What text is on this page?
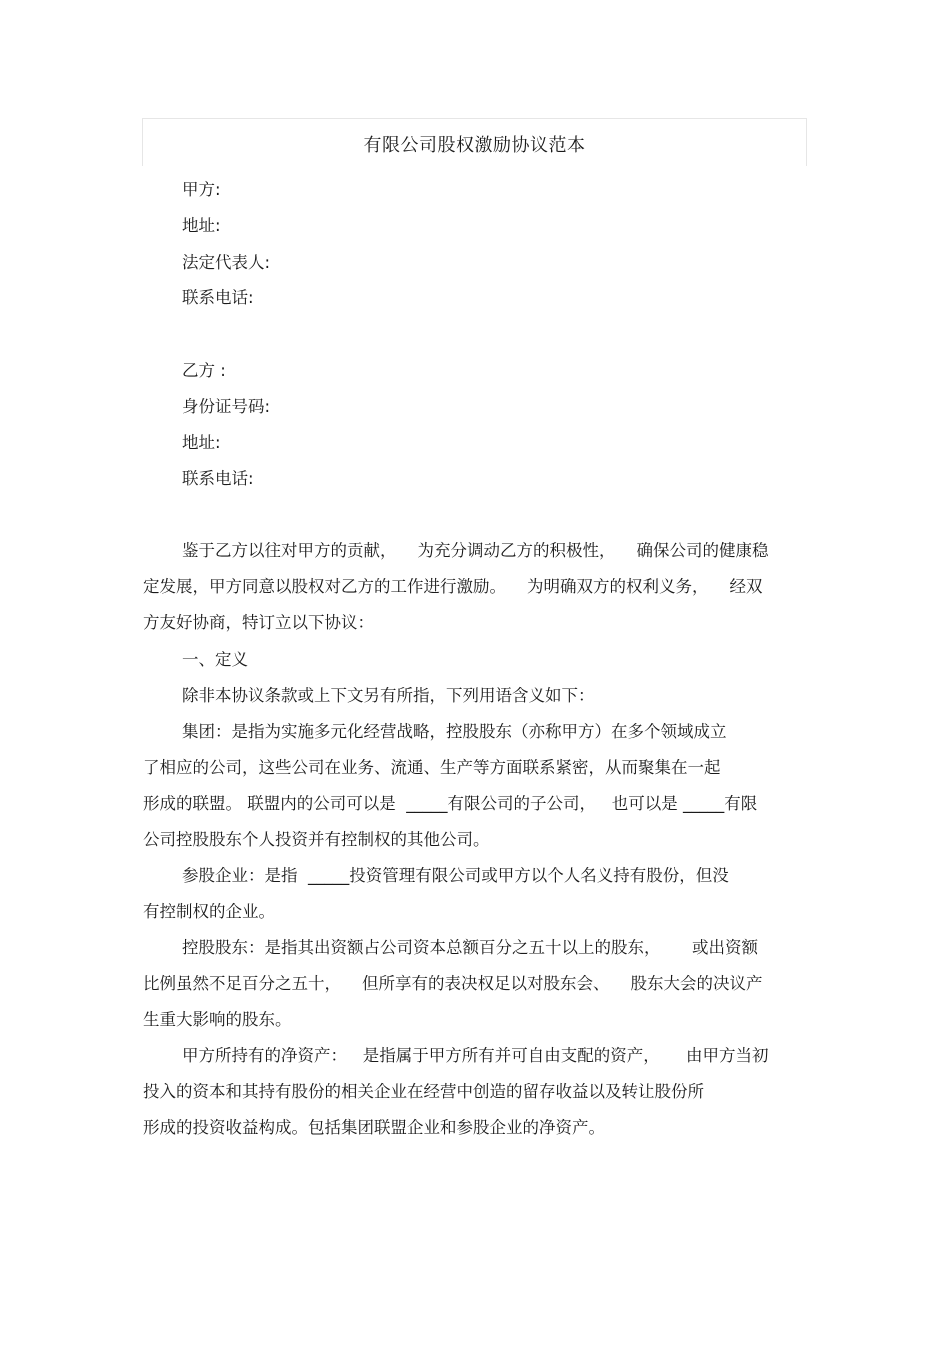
有限公司股权激励协议范本
甲方:
地址:
法定代表人:
联系电话:
乙方 :
身份证号码:
地址:
联系电话:
鉴于乙方以往对甲方的贡献，    为充分调动乙方的积极性，    确保公司的健康稳
定发展，甲方同意以股权对乙方的工作进行激励。    为明确双方的权利义务，    经双
方友好协商，特订立以下协议：
一、定义
除非本协议条款或上下文另有所指，下列用语含义如下：
集团：是指为实施多元化经营战略，控股股东（亦称甲方）在多个领域成立
了相应的公司，这些公司在业务、流通、生产等方面联系紧密，从而聚集在一起
形成的联盟。 联盟内的公司可以是  _____有限公司的子公司，   也可以是 _____有限
公司控股股东个人投资并有控制权的其他公司。
参股企业：是指  _____投资管理有限公司或甲方以个人名义持有股份，但没
有控制权的企业。
控股股东：是指其出资额占公司资本总额百分之五十以上的股东，      或出资额
比例虽然不足百分之五十，    但所享有的表决权足以对股东会、    股东大会的决议产
生重大影响的股东。
甲方所持有的净资产：   是指属于甲方所有并可自由支配的资产，     由甲方当初
投入的资本和其持有股份的相关企业在经营中创造的留存收益以及转让股份所
形成的投资收益构成。包括集团联盟企业和参股企业的净资产。
